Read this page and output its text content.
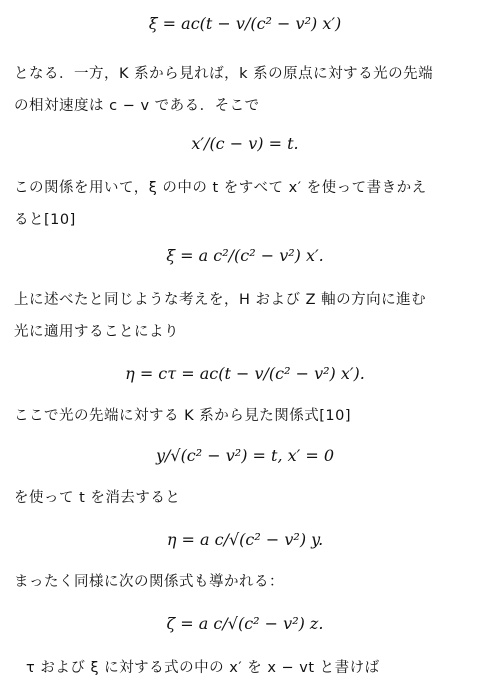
ξ = ac(t − v/(c² − v²) x′)
となる．一方，K 系から見れば，k 系の原点に対する光の先端
の相対速度は c − v である．そこで
x′/(c − v) = t.
この関係を用いて，ξ の中の t をすべて x′ を使って書きかえ
ると[10]
ξ = a c²/(c² − v²) x′.
上に述べたと同じような考えを，H および Z 軸の方向に進む
光に適用することにより
η = cτ = ac(t − v/(c² − v²) x′).
ここで光の先端に対する K 系から見た関係式[10]
y/√(c² − v²) = t, x′ = 0
を使って t を消去すると
η = a c/√(c² − v²) y.
まったく同様に次の関係式も導かれる：
ζ = a c/√(c² − v²) z.
τ および ξ に対する式の中の x′ を x − vt と書けば
